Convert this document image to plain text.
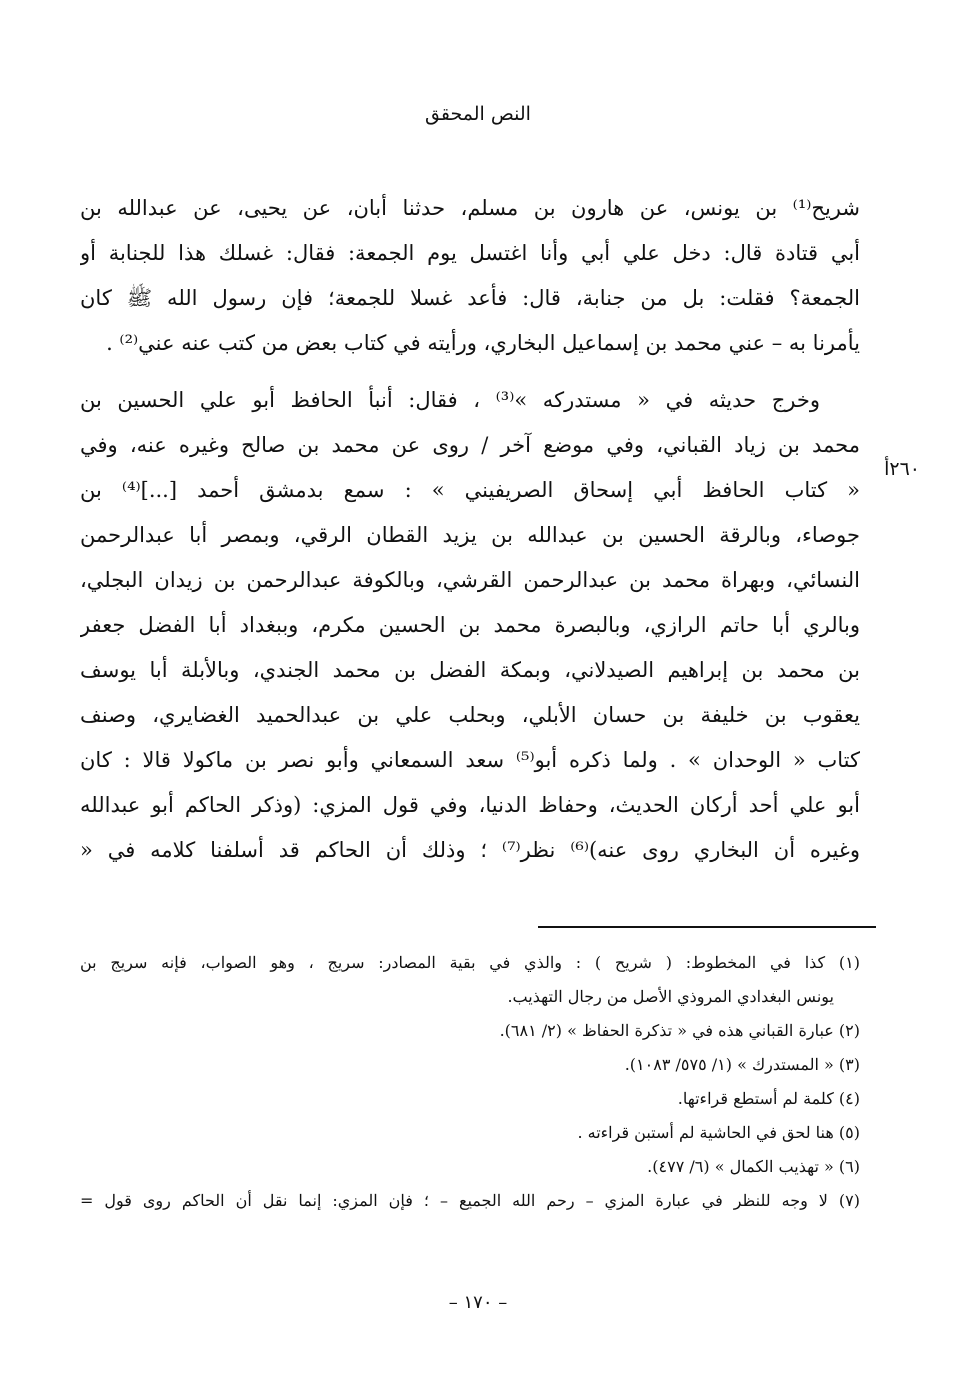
النص المحقق
شريح⁽¹⁾ بن يونس، عن هارون بن مسلم، حدثنا أبان، عن يحيى، عن عبدالله بن
أبي قتادة قال: دخل علي أبي وأنا اغتسل يوم الجمعة: فقال: غسلك هذا للجنابة أو
الجمعة؟ فقلت: بل من جنابة، قال: فأعد غسلا للجمعة؛ فإن رسول الله ﷺ كان
يأمرنا به – عني محمد بن إسماعيل البخاري، ورأيته في كتاب بعض من كتب عنه عني⁽²⁾ .
وخرج حديثه في « مستدركه »⁽³⁾ ، فقال: أنبأ الحافظ أبو علي الحسين بن
محمد بن زياد القباني، وفي موضع آخر / روى عن محمد بن صالح وغيره عنه، وفي
« كتاب الحافظ أبي إسحاق الصريفيني » : سمع بدمشق أحمد [...]⁽⁴⁾ بن
جوصاء، وبالرقة الحسين بن عبدالله بن يزيد القطان الرقي، وبمصر أبا عبدالرحمن
النسائي، وبهراة محمد بن عبدالرحمن القرشي، وبالكوفة عبدالرحمن بن زيدان البجلي،
وبالري أبا حاتم الرازي، وبالبصرة محمد بن الحسين مكرم، وببغداد أبا الفضل جعفر
بن محمد بن إبراهيم الصيدلاني، وبمكة الفضل بن محمد الجندي، وبالأبلة أبا يوسف
يعقوب بن خليفة بن حسان الأبلي، وبحلب علي بن عبدالحميد الغضايري، وصنف
كتاب « الوحدان » . ولما ذكره أبو⁽⁵⁾ سعد السمعاني وأبو نصر بن ماكولا قالا : كان
أبو علي أحد أركان الحديث، وحفاظ الدنيا، وفي قول المزي: (وذكر الحاكم أبو عبدالله
وغيره أن البخاري روى عنه)⁽⁶⁾ نظر⁽⁷⁾ ؛ وذلك أن الحاكم قد أسلفنا كلامه في «
٢٦٠أ
(١) كذا في المخطوط: ( شريح ) : والذي في بقية المصادر: سريج ، وهو الصواب، فإنه سريج بن
يونس البغدادي المروذي الأصل من رجال التهذيب.
(٢) عبارة القباني هذه في « تذكرة الحفاظ » (٢/ ٦٨١).
(٣) « المستدرك » (١/ ٥٧٥/ ١٠٨٣).
(٤) كلمة لم أستطع قراءتها.
(٥) هنا لحق في الحاشية لم أستبن قراءته .
(٦) « تهذيب الكمال » (٦/ ٤٧٧).
(٧) لا وجه للنظر في عبارة المزي – رحم الله الجميع – ؛ فإن المزي: إنما نقل أن الحاكم روى قول =
– ١٧٠ –
